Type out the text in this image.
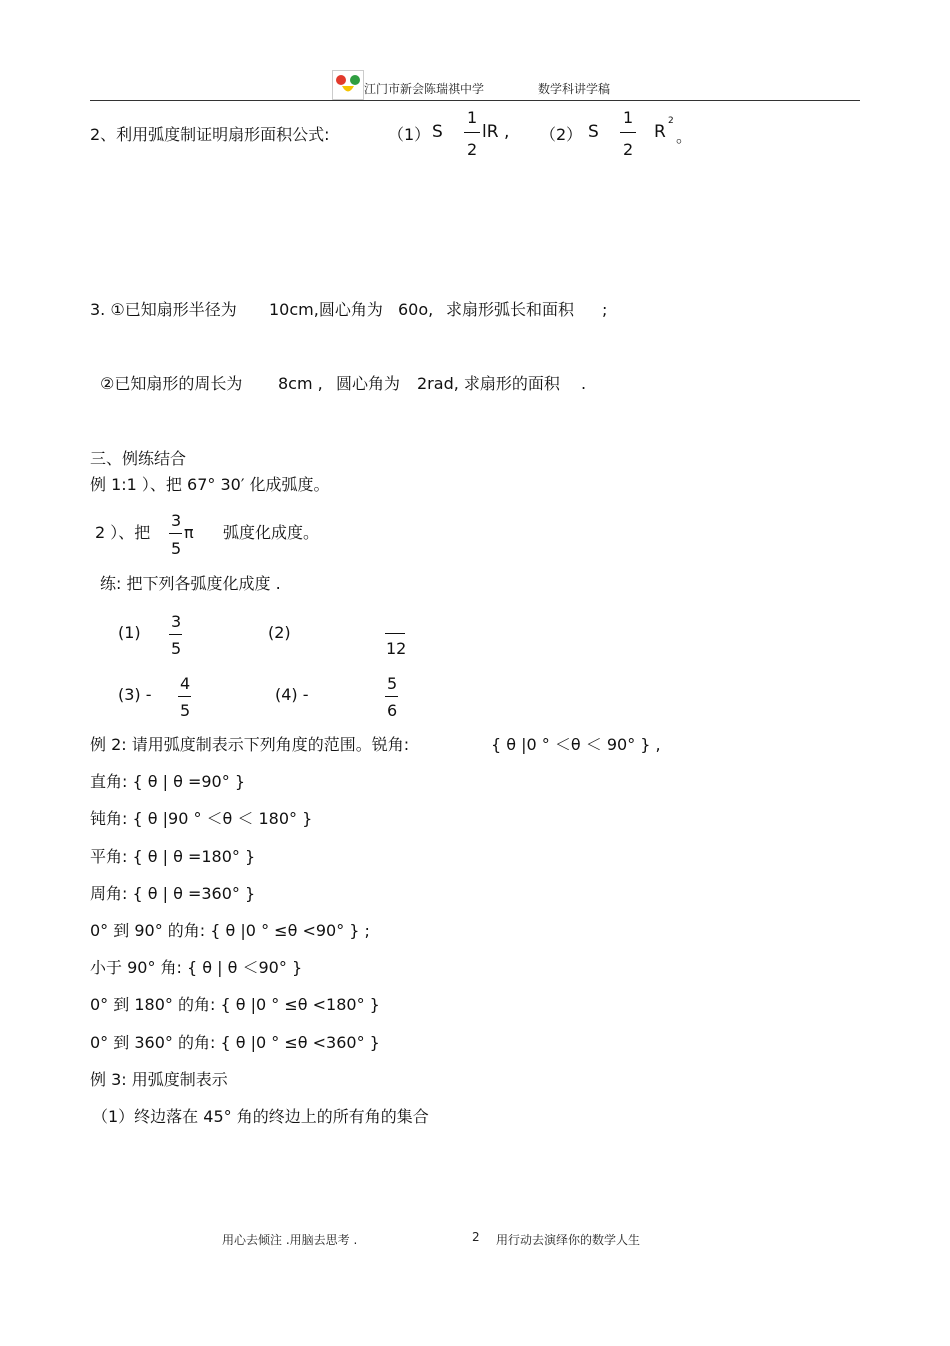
江门市新会陈瑞祺中学	数学科讲学稿
2、利用弧度制证明扇形面积公式:	（1） S
1
2
lR , （2） S
1
2
R
2
。
3. ①已知扇形半径为 10cm,圆心角为 60o, 求扇形弧长和面积 ;
②已知扇形的周长为 8cm , 圆心角为 2rad, 求扇形的面积 .
三、例练结合
例 1:1 ）、把 67° 30′ 化成弧度。
2 ）、把
3
5
π 弧度化成度。
练: 把下列各弧度化成度 .
(1)
3
5
(2)
12
(3) -
4
5
(4) -
5
6
例 2: 请用弧度制表示下列角度的范围。锐角:	{ θ |0 ° ＜θ ＜ 90° } ,
直角: { θ | θ =90° }
钝角: { θ |90 ° ＜θ ＜ 180° }
平角: { θ | θ =180° }
周角: { θ | θ =360° }
0° 到 90° 的角: { θ |0 ° ≤θ <90° } ;
小于 90° 角: { θ | θ ＜90° }
0° 到 180° 的角: { θ |0 ° ≤θ <180° }
0° 到 360° 的角: { θ |0 ° ≤θ <360° }
例 3: 用弧度制表示
（1）终边落在 45° 角的终边上的所有角的集合
用心去倾注 .用脑去思考 .	2 用行动去演绎你的数学人生
